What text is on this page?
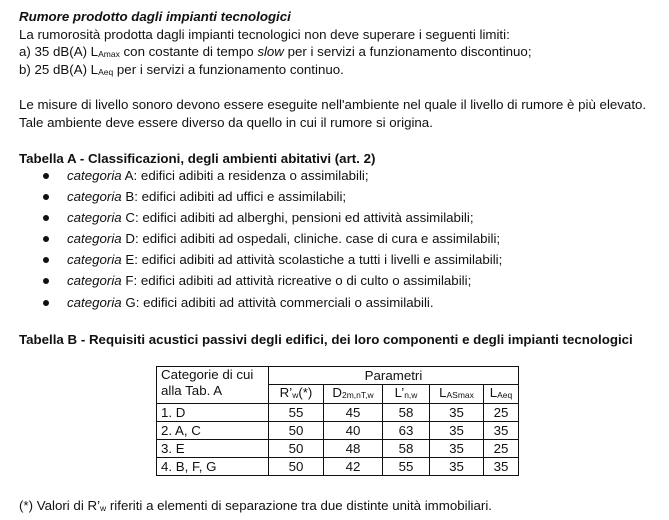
Rumore prodotto dagli impianti tecnologici
La rumorosità prodotta dagli impianti tecnologici non deve superare i seguenti limiti:
a) 35 dB(A) $L_{Amax}$ con costante di tempo slow per i servizi a funzionamento discontinuo;
b) 25 dB(A) $L_{Aeq}$ per i servizi a funzionamento continuo.
Le misure di livello sonoro devono essere eseguite nell'ambiente nel quale il livello di rumore è più elevato.
Tale ambiente deve essere diverso da quello in cui il rumore si origina.
Tabella A - Classificazioni, degli ambienti abitativi (art. 2)
categoria A: edifici adibiti a residenza o assimilabili;
categoria B: edifici adibiti ad uffici e assimilabili;
categoria C: edifici adibiti ad alberghi, pensioni ed attività assimilabili;
categoria D: edifici adibiti ad ospedali, cliniche. case di cura e assimilabili;
categoria E: edifici adibiti ad attività scolastiche a tutti i livelli e assimilabili;
categoria F: edifici adibiti ad attività ricreative o di culto o assimilabili;
categoria G: edifici adibiti ad attività commerciali o assimilabili.
Tabella B - Requisiti acustici passivi degli edifici, dei loro componenti e degli impianti tecnologici
Categorie di cui
alla Tab. A	Parametri				
	$R’_w(*)$	$D_{2m,nT,w}$	$L’_{n,w}$	$L_{ASmax}$	$L_{Aeq}$
1. D	55	45	58	35	25
2. A, C	50	40	63	35	35
3. E	50	48	58	35	25
4. B, F, G	50	42	55	35	35
(*) Valori di $R’_w$ riferiti a elementi di separazione tra due distinte unità immobiliari.
